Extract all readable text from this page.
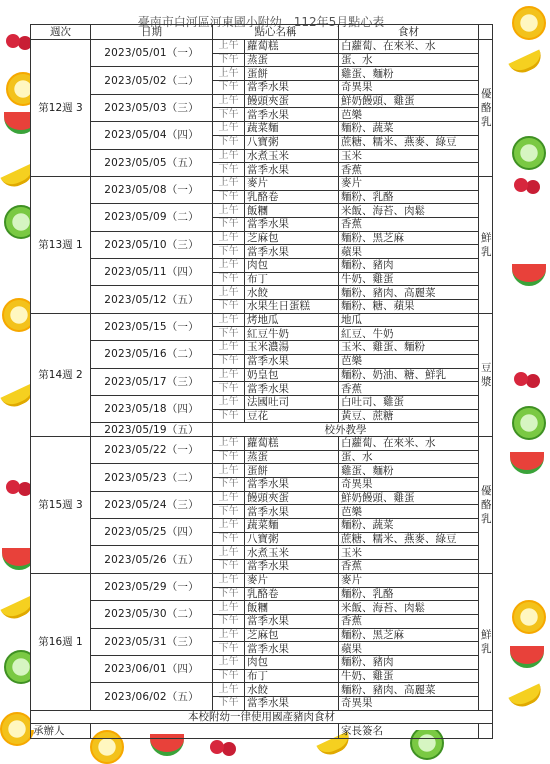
臺南市白河區河東國小附幼　112年5月點心表
週次	日期	點心名稱		食材	
第12週 3	2023/05/01（一）	上午	蘿蔔糕	白蘿蔔、在來米、水	優酪乳
		下午	蒸蛋	蛋、水	
	2023/05/02（二）	上午	蛋餅	雞蛋、麵粉	
		下午	當季水果	奇異果	
	2023/05/03（三）	上午	饅頭夾蛋	鮮奶饅頭、雞蛋	
		下午	當季水果	芭樂	
	2023/05/04（四）	上午	蔬菜麵	麵粉、蔬菜	
		下午	八寶粥	蔗糖、糯米、燕麥、綠豆	
	2023/05/05（五）	上午	水煮玉米	玉米	
		下午	當季水果	香蕉	
第13週 1	2023/05/08（一）	上午	麥片	麥片	鮮乳
		下午	乳酪卷	麵粉、乳酪	
	2023/05/09（二）	上午	飯糰	米飯、海苔、肉鬆	
		下午	當季水果	香蕉	
	2023/05/10（三）	上午	芝麻包	麵粉、黑芝麻	
		下午	當季水果	蘋果	
	2023/05/11（四）	上午	肉包	麵粉、豬肉	
		下午	布丁	牛奶、雞蛋	
	2023/05/12（五）	上午	水餃	麵粉、豬肉、高麗菜	
		下午	水果生日蛋糕	麵粉、糖、蘋果	
第14週 2	2023/05/15（一）	上午	烤地瓜	地瓜	豆漿
		下午	紅豆牛奶	紅豆、牛奶	
	2023/05/16（二）	上午	玉米濃湯	玉米、雞蛋、麵粉	
		下午	當季水果	芭樂	
	2023/05/17（三）	上午	奶皇包	麵粉、奶油、糖、鮮乳	
		下午	當季水果	香蕉	
	2023/05/18（四）	上午	法國吐司	白吐司、雞蛋	
		下午	豆花	黃豆、蔗糖	
	2023/05/19（五）	校外教學			
第15週 3	2023/05/22（一）	上午	蘿蔔糕	白蘿蔔、在來米、水	優酪乳
		下午	蒸蛋	蛋、水	
	2023/05/23（二）	上午	蛋餅	雞蛋、麵粉	
		下午	當季水果	奇異果	
	2023/05/24（三）	上午	饅頭夾蛋	鮮奶饅頭、雞蛋	
		下午	當季水果	芭樂	
	2023/05/25（四）	上午	蔬菜麵	麵粉、蔬菜	
		下午	八寶粥	蔗糖、糯米、燕麥、綠豆	
	2023/05/26（五）	上午	水煮玉米	玉米	
		下午	當季水果	香蕉	
第16週 1	2023/05/29（一）	上午	麥片	麥片	鮮乳
		下午	乳酪卷	麵粉、乳酪	
	2023/05/30（二）	上午	飯糰	米飯、海苔、肉鬆	
		下午	當季水果	香蕉	
	2023/05/31（三）	上午	芝麻包	麵粉、黑芝麻	
		下午	當季水果	蘋果	
	2023/06/01（四）	上午	肉包	麵粉、豬肉	
		下午	布丁	牛奶、雞蛋	
	2023/06/02（五）	上午	水餃	麵粉、豬肉、高麗菜	
		下午	當季水果	奇異果	
本校附幼一律使用國產豬肉食材					
承辦人				家長簽名	
